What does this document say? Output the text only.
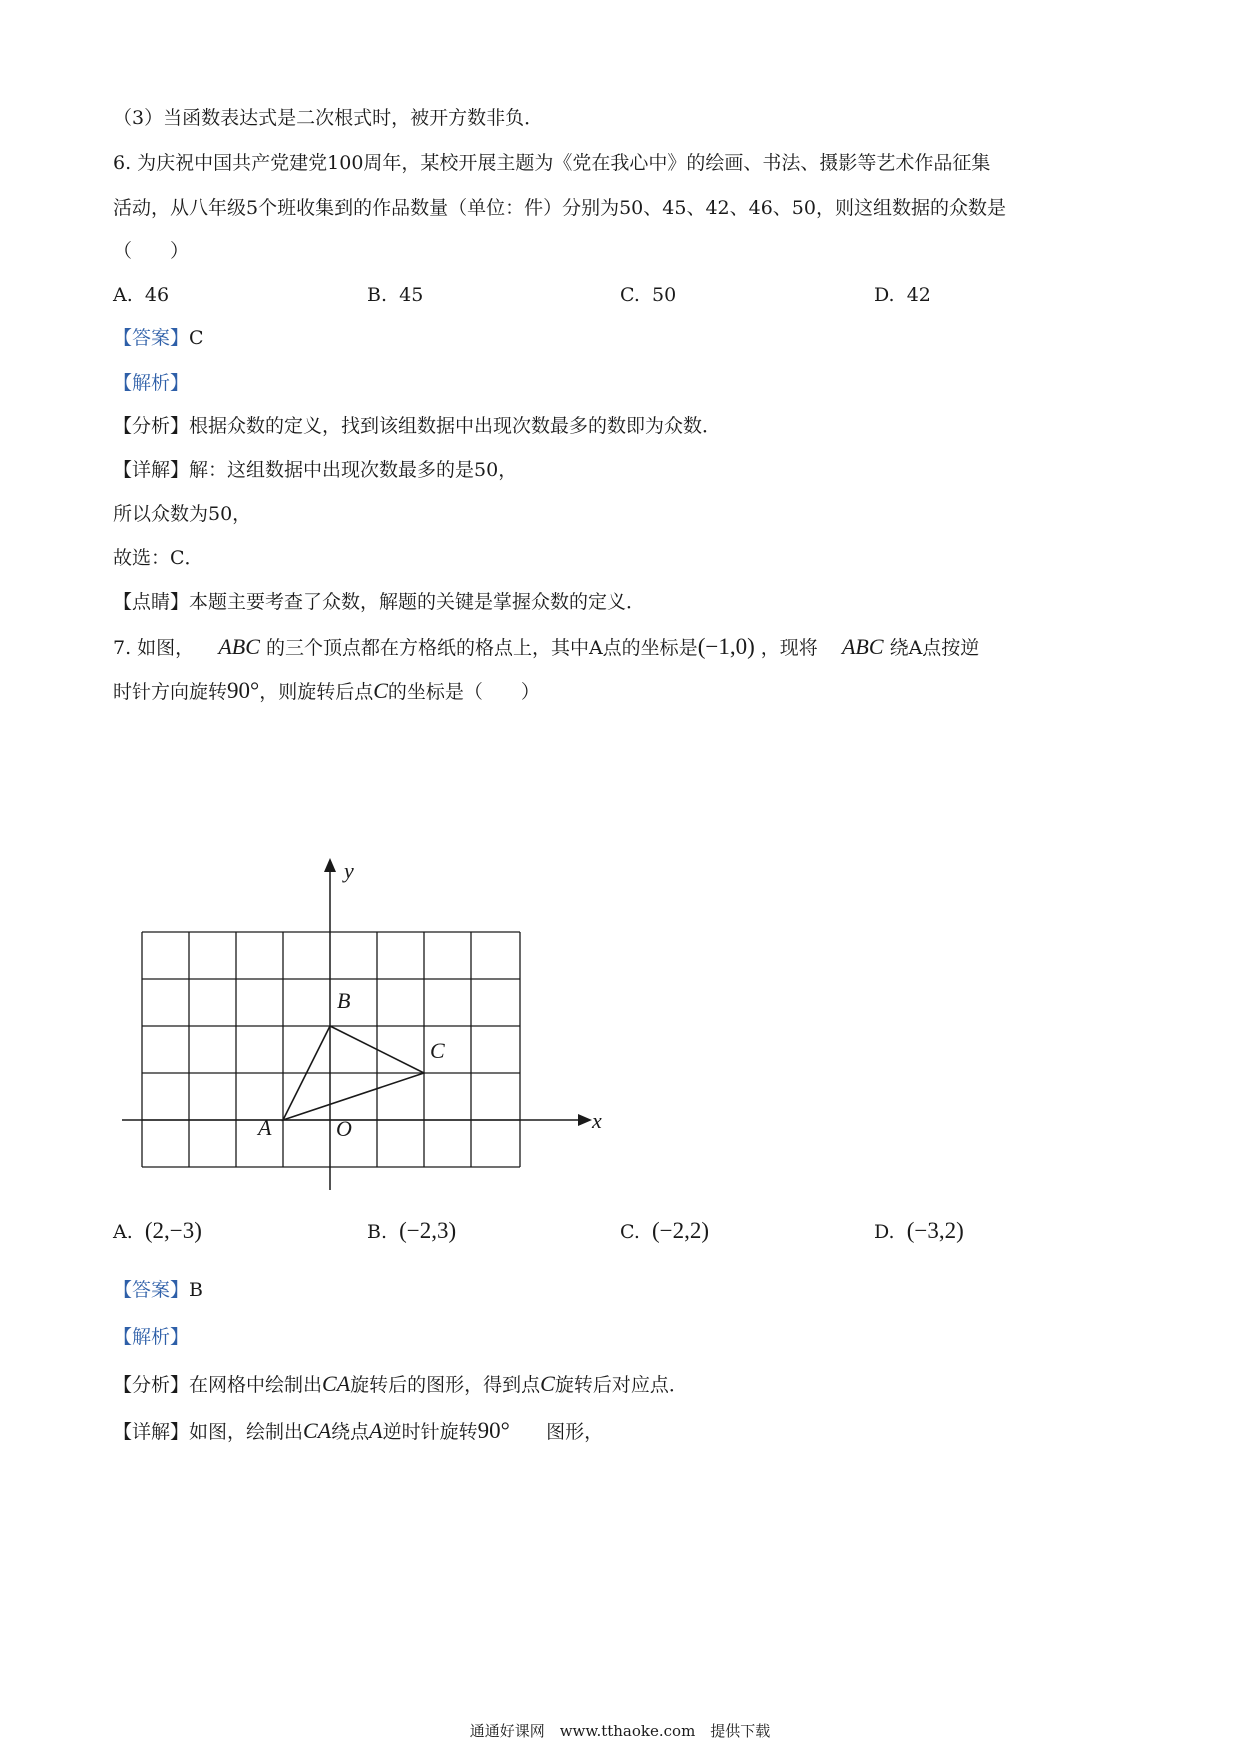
（3）当函数表达式是二次根式时，被开方数非负．
6. 为庆祝中国共产党建党100周年，某校开展主题为《党在我心中》的绘画、书法、摄影等艺术作品征集
活动，从八年级5个班收集到的作品数量（单位：件）分别为50、45、42、46、50，则这组数据的众数是
（　　）
A. 46	B. 45	C. 50	D. 42
【答案】C
【解析】
【分析】根据众数的定义，找到该组数据中出现次数最多的数即为众数．
【详解】解：这组数据中出现次数最多的是50，
所以众数为50，
故选：C．
【点睛】本题主要考查了众数，解题的关键是掌握众数的定义．
7. 如图， ABC 的三个顶点都在方格纸的格点上，其中A点的坐标是(−1,0) ，现将 ABC 绕A点按逆
时针方向旋转90°，则旋转后点C的坐标是（　　）
y
x
B
C
A	O
A. (2,−3)	B. (−2,3)	C. (−2,2)	D. (−3,2)
【答案】B
【解析】
【分析】在网格中绘制出CA旋转后的图形，得到点C旋转后对应点．
【详解】如图，绘制出CA绕点A逆时针旋转90° 图形，
通通好课网　www.tthaoke.com　提供下载
